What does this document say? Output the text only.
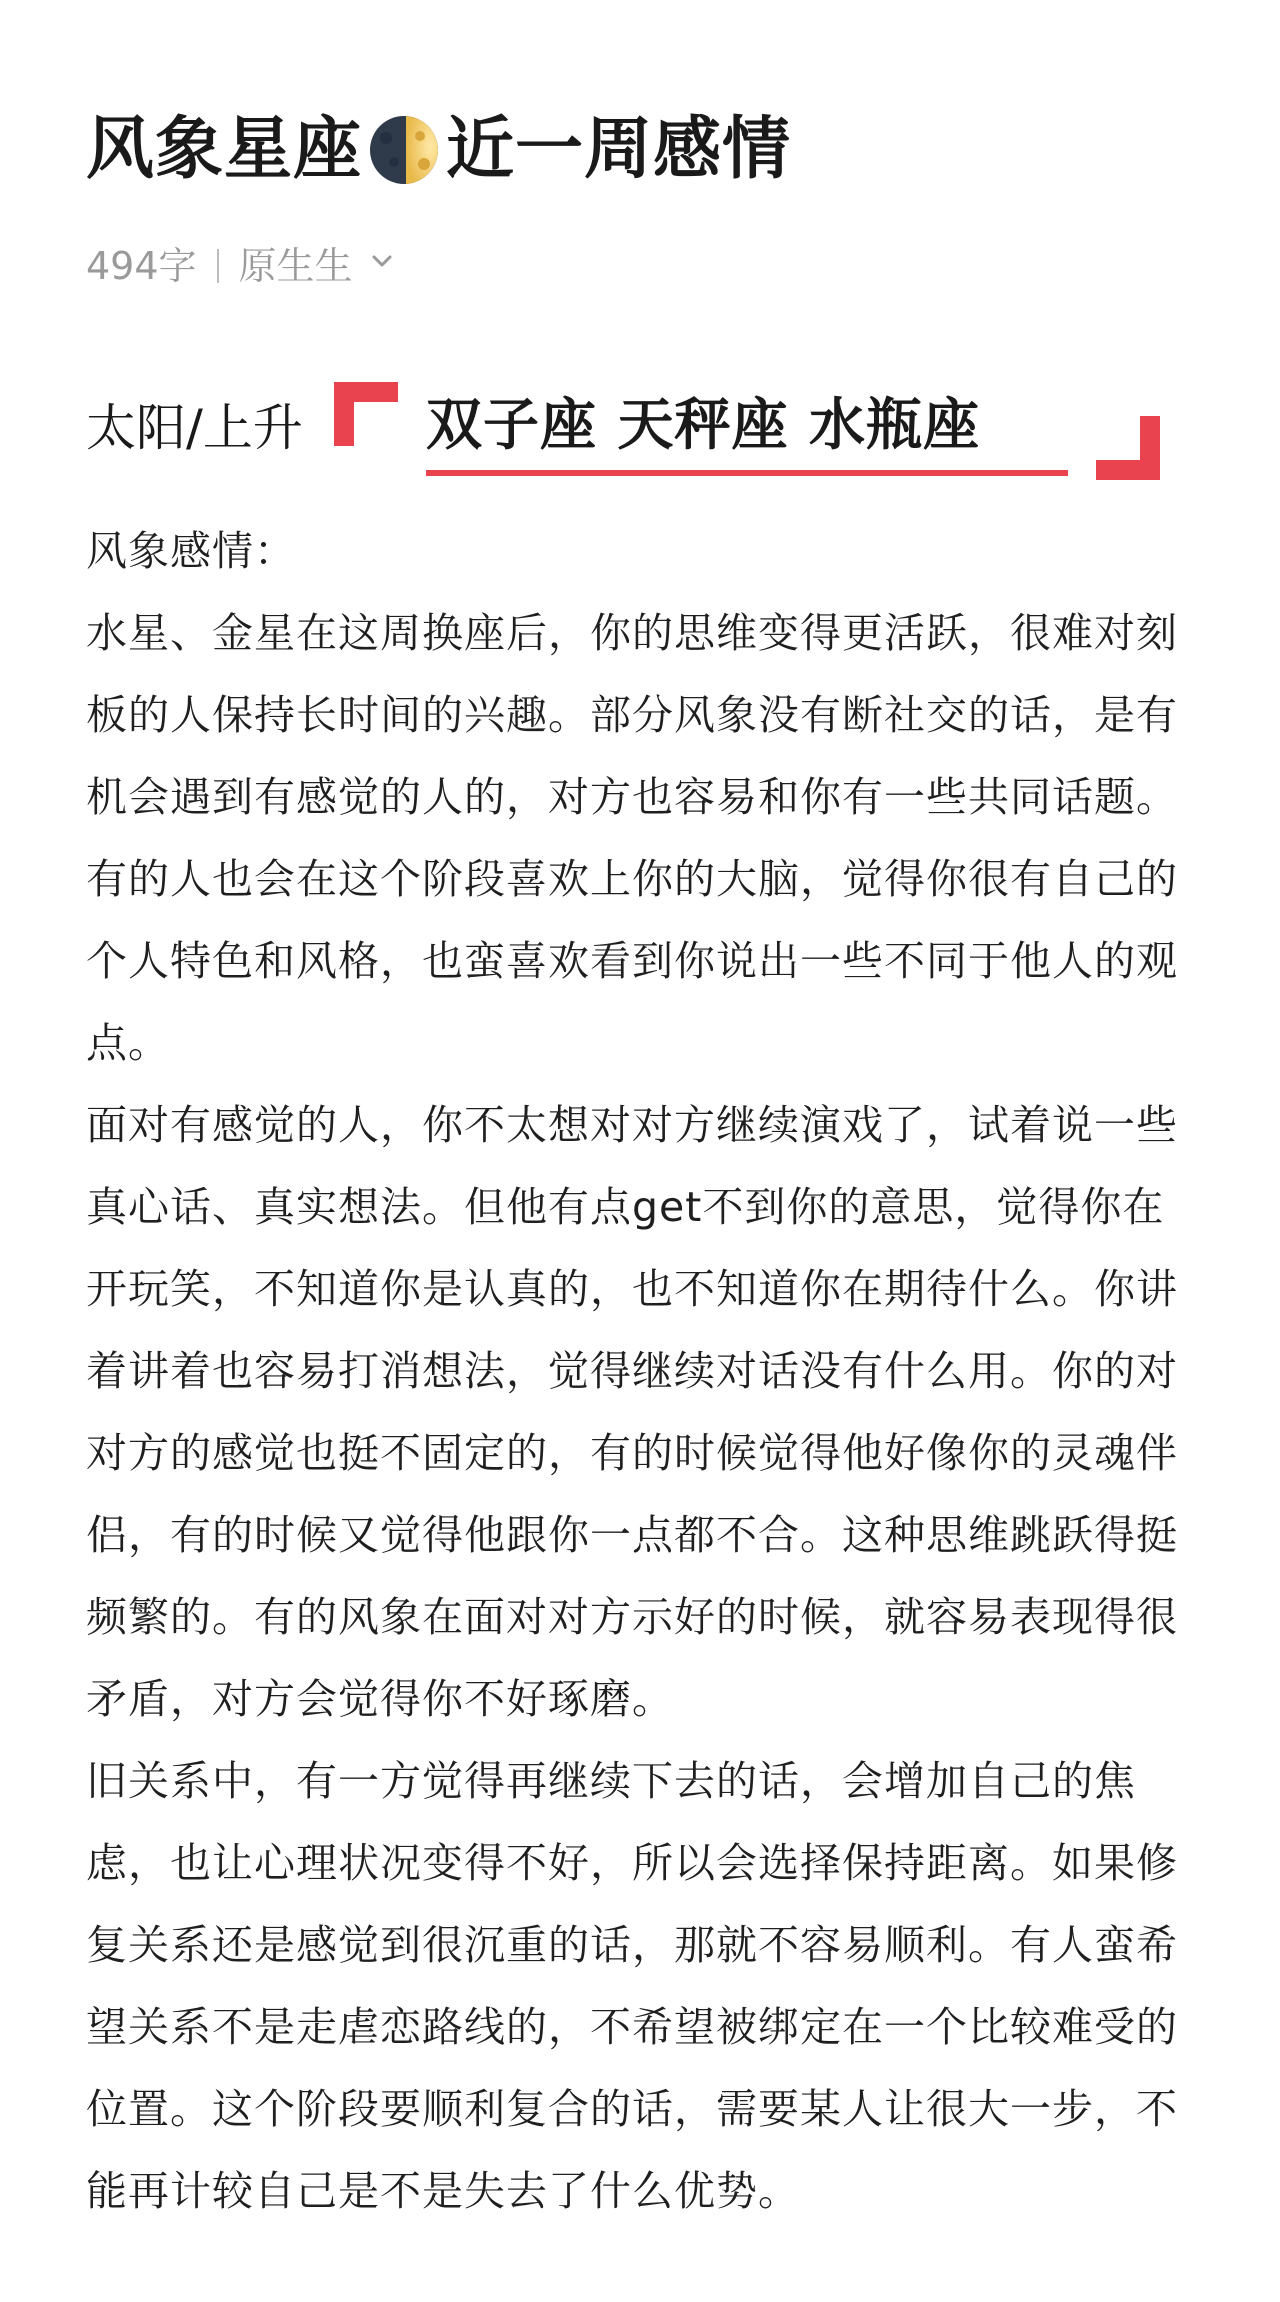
风象星座 近一周感情
494字 原生生
太阳/上升 双子座 天秤座 水瓶座

风象感情：

水星、金星在这周换座后，你的思维变得更活跃，很难对刻板的人保持长时间的兴趣。部分风象没有断社交的话，是有机会遇到有感觉的人的，对方也容易和你有一些共同话题。有的人也会在这个阶段喜欢上你的大脑，觉得你很有自己的个人特色和风格，也蛮喜欢看到你说出一些不同于他人的观点。

面对有感觉的人，你不太想对对方继续演戏了，试着说一些真心话、真实想法。但他有点get不到你的意思，觉得你在开玩笑，不知道你是认真的，也不知道你在期待什么。你讲着讲着也容易打消想法，觉得继续对话没有什么用。你的对对方的感觉也挺不固定的，有的时候觉得他好像你的灵魂伴侣，有的时候又觉得他跟你一点都不合。这种思维跳跃得挺频繁的。有的风象在面对对方示好的时候，就容易表现得很矛盾，对方会觉得你不好琢磨。

旧关系中，有一方觉得再继续下去的话，会增加自己的焦虑，也让心理状况变得不好，所以会选择保持距离。如果修复关系还是感觉到很沉重的话，那就不容易顺利。有人蛮希望关系不是走虐恋路线的，不希望被绑定在一个比较难受的位置。这个阶段要顺利复合的话，需要某人让很大一步，不能再计较自己是不是失去了什么优势。
